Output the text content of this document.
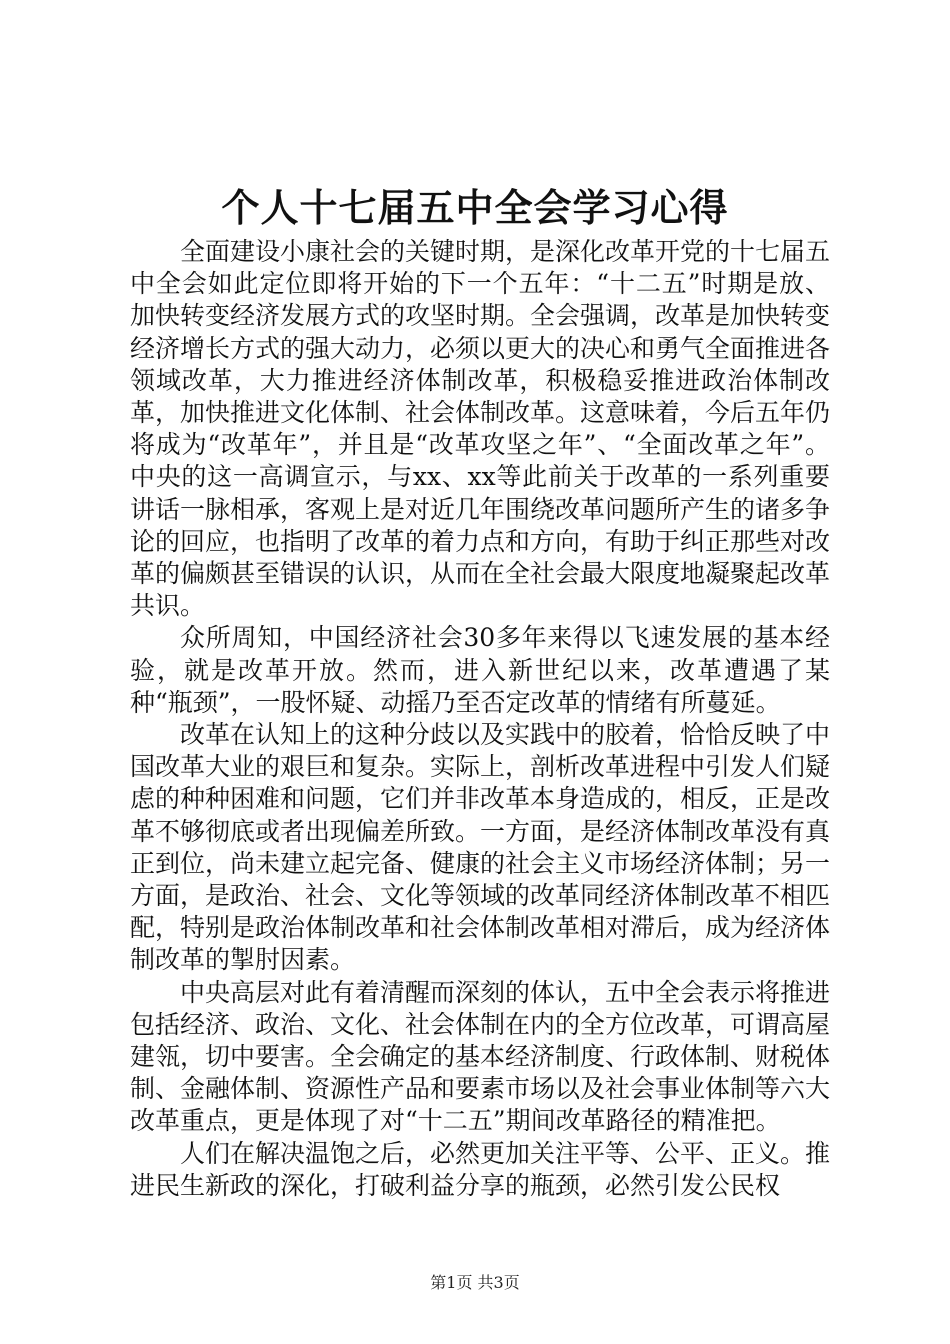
个人十七届五中全会学习心得

全面建设小康社会的关键时期，是深化改革开党的十七届五中全会如此定位即将开始的下一个五年：“十二五”时期是放、加快转变经济发展方式的攻坚时期。全会强调，改革是加快转变经济增长方式的强大动力，必须以更大的决心和勇气全面推进各领域改革，大力推进经济体制改革，积极稳妥推进政治体制改革，加快推进文化体制、社会体制改革。这意味着，今后五年仍将成为“改革年”，并且是“改革攻坚之年”、“全面改革之年”。中央的这一高调宣示，与xx、xx等此前关于改革的一系列重要讲话一脉相承，客观上是对近几年围绕改革问题所产生的诸多争论的回应，也指明了改革的着力点和方向，有助于纠正那些对改革的偏颇甚至错误的认识，从而在全社会最大限度地凝聚起改革共识。

众所周知，中国经济社会30多年来得以飞速发展的基本经验，就是改革开放。然而，进入新世纪以来，改革遭遇了某种“瓶颈”，一股怀疑、动摇乃至否定改革的情绪有所蔓延。

改革在认知上的这种分歧以及实践中的胶着，恰恰反映了中国改革大业的艰巨和复杂。实际上，剖析改革进程中引发人们疑虑的种种困难和问题，它们并非改革本身造成的，相反，正是改革不够彻底或者出现偏差所致。一方面，是经济体制改革没有真正到位，尚未建立起完备、健康的社会主义市场经济体制；另一方面，是政治、社会、文化等领域的改革同经济体制改革不相匹配，特别是政治体制改革和社会体制改革相对滞后，成为经济体制改革的掣肘因素。

中央高层对此有着清醒而深刻的体认，五中全会表示将推进包括经济、政治、文化、社会体制在内的全方位改革，可谓高屋建瓴，切中要害。全会确定的基本经济制度、行政体制、财税体制、金融体制、资源性产品和要素市场以及社会事业体制等六大改革重点，更是体现了对“十二五”期间改革路径的精准把。

人们在解决温饱之后，必然更加关注平等、公平、正义。推进民生新政的深化，打破利益分享的瓶颈，必然引发公民权

第1页 共3页
